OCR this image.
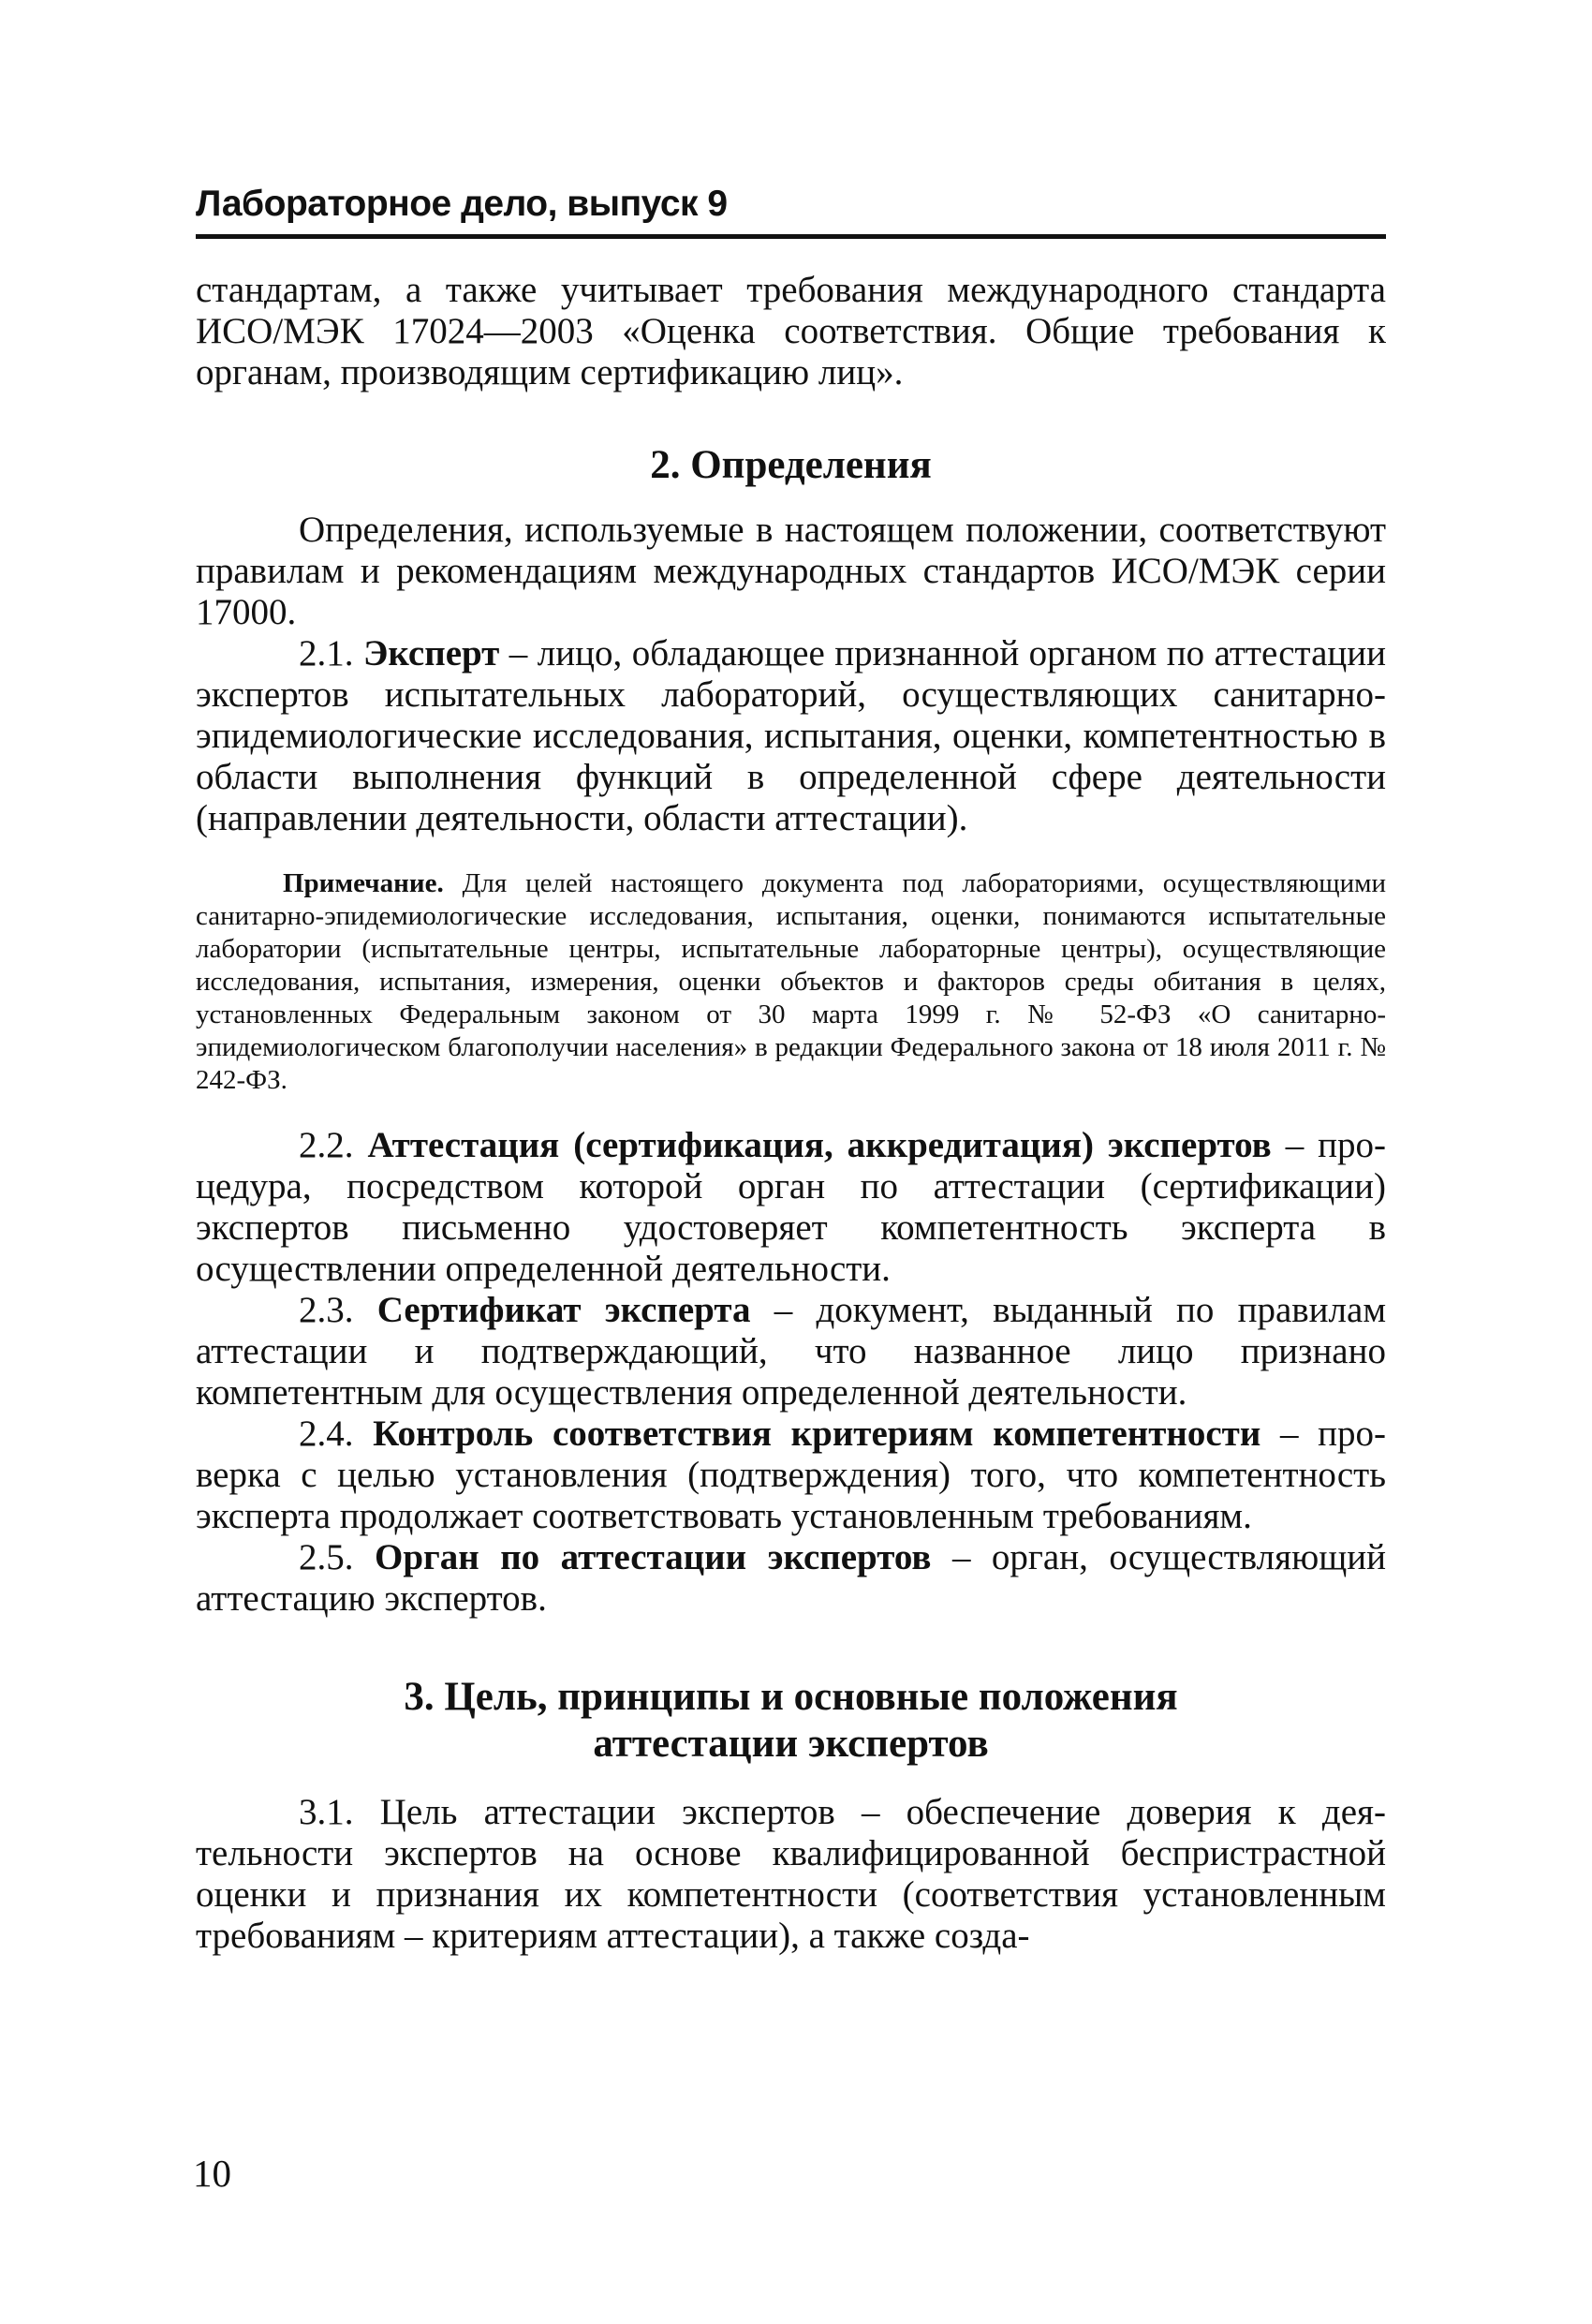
Лабораторное дело, выпуск 9

стандартам, а также учитывает требования международного стандарта ИСО/МЭК 17024—2003 «Оценка соответствия. Общие требования к органам, производящим сертификацию лиц».

2. Определения

Определения, используемые в настоящем положении, соответствуют правилам и рекомендациям международных стандартов ИСО/МЭК серии 17000.

2.1. Эксперт – лицо, обладающее признанной органом по аттестации экспертов испытательных лабораторий, осуществляющих санитарно-эпидемиологические исследования, испытания, оценки, компетентностью в области выполнения функций в определенной сфере деятельности (направлении деятельности, области аттестации).

Примечание. Для целей настоящего документа под лабораториями, осуществляющими санитарно-эпидемиологические исследования, испытания, оценки, понимаются испытательные лаборатории (испытательные центры, испытательные лабораторные центры), осуществляющие исследования, испытания, измерения, оценки объектов и факторов среды обитания в целях, установленных Федеральным законом от 30 марта 1999 г. № 52-ФЗ «О санитарно-эпидемиологическом благополучии населения» в редакции Федерального закона от 18 июля 2011 г. № 242-ФЗ.

2.2. Аттестация (сертификация, аккредитация) экспертов – процедура, посредством которой орган по аттестации (сертификации) экспертов письменно удостоверяет компетентность эксперта в осуществлении определенной деятельности.

2.3. Сертификат эксперта – документ, выданный по правилам аттестации и подтверждающий, что названное лицо признано компетентным для осуществления определенной деятельности.

2.4. Контроль соответствия критериям компетентности – проверка с целью установления (подтверждения) того, что компетентность эксперта продолжает соответствовать установленным требованиям.

2.5. Орган по аттестации экспертов – орган, осуществляющий аттестацию экспертов.

3. Цель, принципы и основные положения
аттестации экспертов

3.1. Цель аттестации экспертов – обеспечение доверия к деятельности экспертов на основе квалифицированной беспристрастной оценки и признания их компетентности (соответствия установленным требованиям – критериям аттестации), а также созда-

10
